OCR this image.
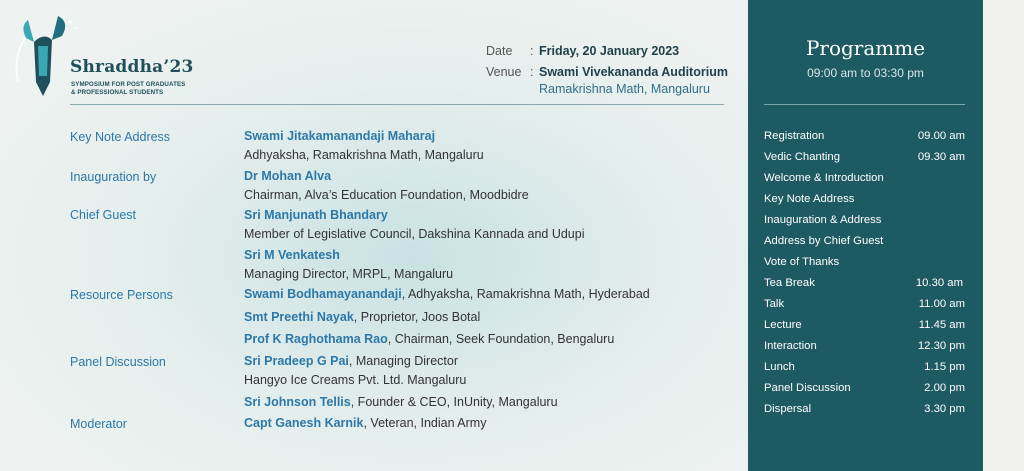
Shraddha’23
SYMPOSIUM FOR POST GRADUATES
& PROFESSIONAL STUDENTS
Date : Friday, 20 January 2023
Venue : Swami Vivekananda Auditorium
Ramakrishna Math, Mangaluru
Key Note Address	Swami Jitakamanandaji Maharaj
Adhyaksha, Ramakrishna Math, Mangaluru
Inauguration by	Dr Mohan Alva
Chairman, Alva’s Education Foundation, Moodbidre
Chief Guest	Sri Manjunath Bhandary
Member of Legislative Council, Dakshina Kannada and Udupi
Sri M Venkatesh
Managing Director, MRPL, Mangaluru
Resource Persons	Swami Bodhamayanandaji, Adhyaksha, Ramakrishna Math, Hyderabad
Smt Preethi Nayak, Proprietor, Joos Botal
Prof K Raghothama Rao, Chairman, Seek Foundation, Bengaluru
Panel Discussion	Sri Pradeep G Pai, Managing Director
Hangyo Ice Creams Pvt. Ltd. Mangaluru
Sri Johnson Tellis, Founder & CEO, InUnity, Mangaluru
Moderator	Capt Ganesh Karnik, Veteran, Indian Army
Programme
09:00 am to 03:30 pm
Registration	09.00 am
Vedic Chanting	09.30 am
Welcome & Introduction
Key Note Address
Inauguration & Address
Address by Chief Guest
Vote of Thanks
Tea Break	10.30 am
Talk	11.00 am
Lecture	11.45 am
Interaction	12.30 pm
Lunch	1.15 pm
Panel Discussion	2.00 pm
Dispersal	3.30 pm
